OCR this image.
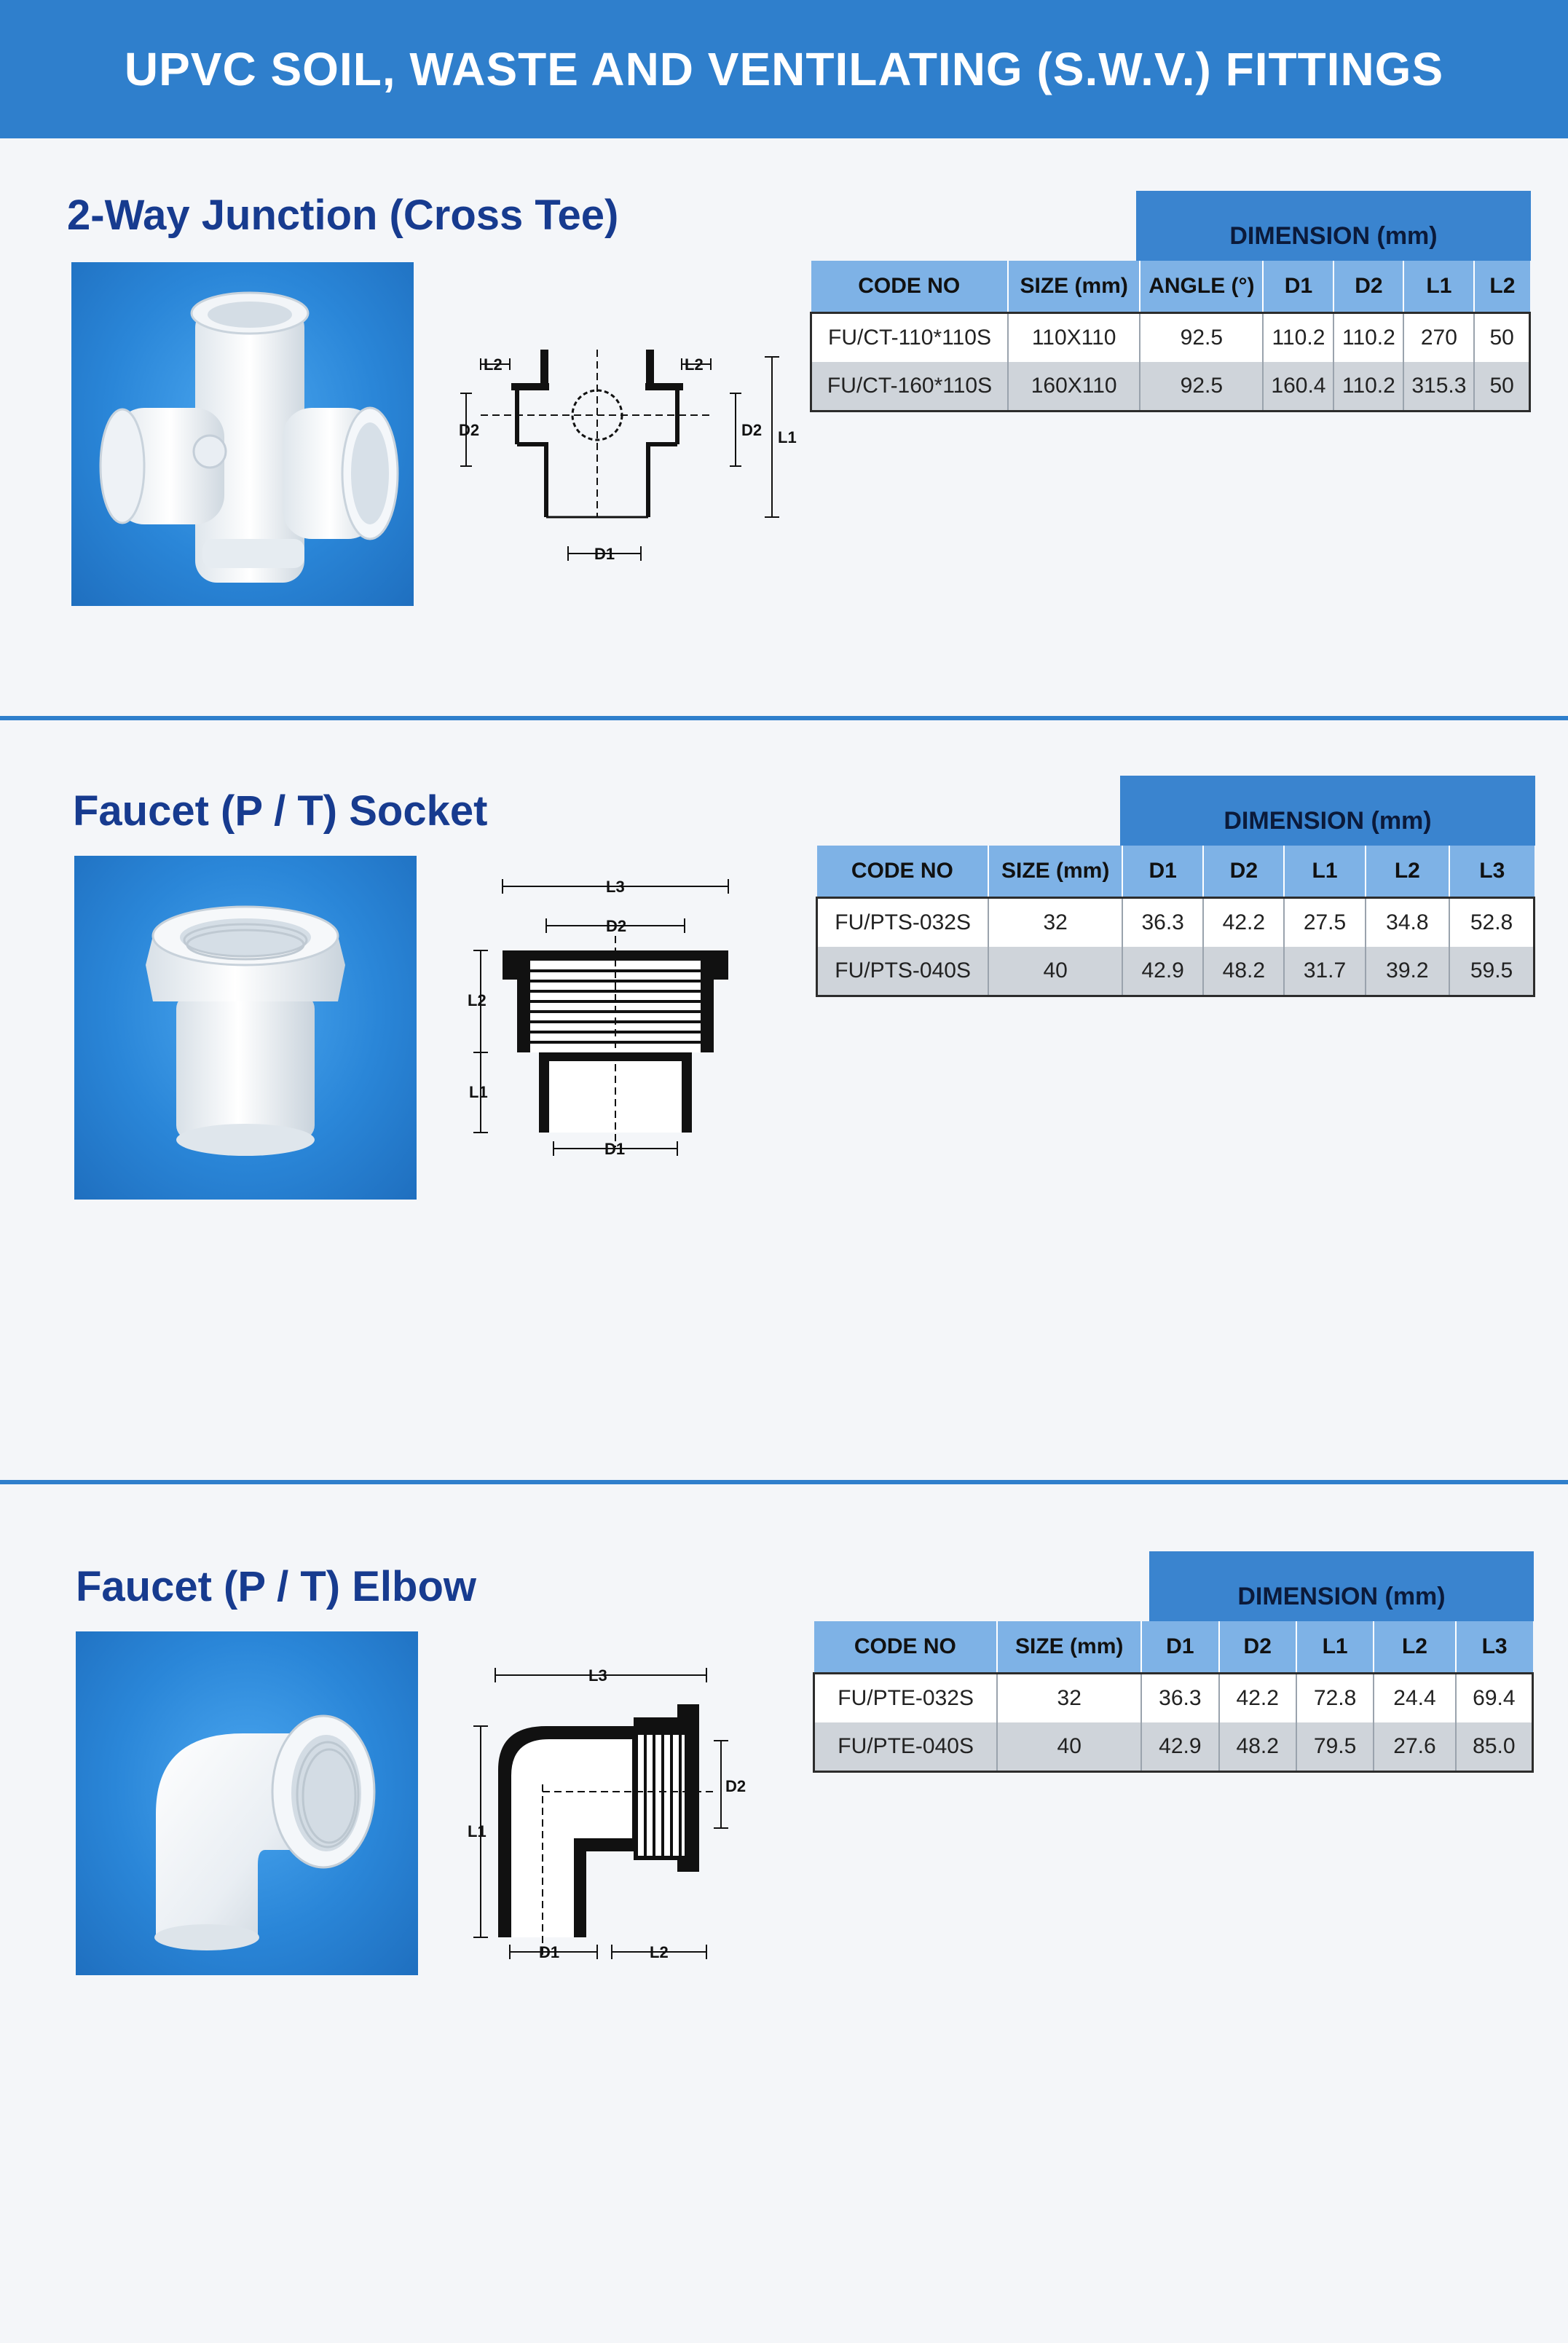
UPVC SOIL, WASTE AND VENTILATING (S.W.V.) FITTINGS
2-Way Junction (Cross Tee)
L2	L2
D2	D2 L1
D1
DIMENSION (mm)
CODE NO	SIZE (mm)	ANGLE (°)	D1	D2	L1	L2
FU/CT-110*110S	110X110	92.5	110.2	110.2	270	50
FU/CT-160*110S	160X110	92.5	160.4	110.2	315.3	50
Faucet (P / T) Socket
L3
D2
L2
L1
D1
DIMENSION (mm)
CODE NO	SIZE (mm)	D1	D2	L1	L2	L3
FU/PTS-032S	32	36.3	42.2	27.5	34.8	52.8
FU/PTS-040S	40	42.9	48.2	31.7	39.2	59.5
Faucet (P / T) Elbow
L3
L1
D2
D1	L2
DIMENSION (mm)
CODE NO	SIZE (mm)	D1	D2	L1	L2	L3
FU/PTE-032S	32	36.3	42.2	72.8	24.4	69.4
FU/PTE-040S	40	42.9	48.2	79.5	27.6	85.0
